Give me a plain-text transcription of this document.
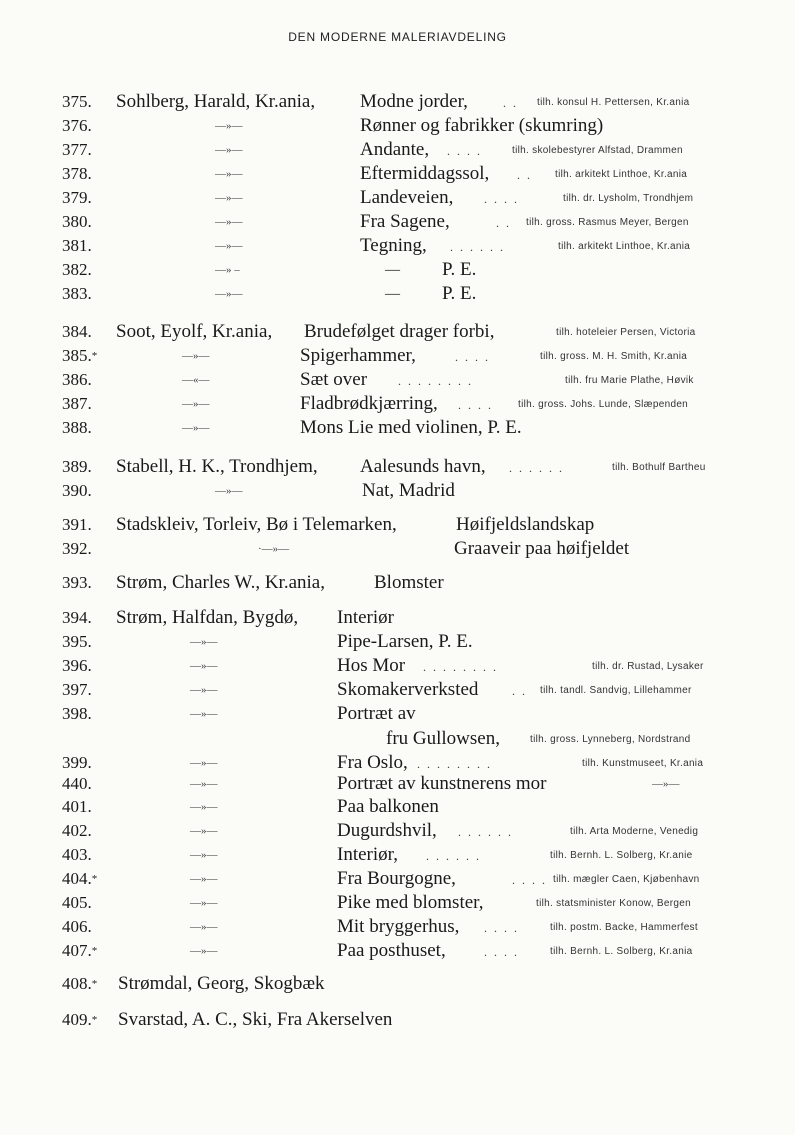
DEN MODERNE MALERIAVDELING
375. Sohlberg, Harald, Kr.ania, Modne jorder,	. . tilh. konsul H. Pettersen, Kr.ania
376.	—»—	Rønner og fabrikker (skumring)
377.	—»—	Andante, . . . .	tilh. skolebestyrer Alfstad, Drammen
378.	—»—	Eftermiddagssol, . . tilh. arkitekt Linthoe, Kr.ania
379.	—»—	Landeveien,	. . . .	tilh. dr. Lysholm, Trondhjem
380.	—»—	Fra Sagene,	. . tilh. gross. Rasmus Meyer, Bergen
381.	—»—	Tegning, . . . . . .	tilh. arkitekt Linthoe, Kr.ania
382.	—» –	— P. E.
383.	—»—	— P. E.
384. Soot, Eyolf, Kr.ania, Brudefølget drager forbi,	tilh. hoteleier Persen, Victoria
385.*	—»—	Spigerhammer,	. . . .	tilh. gross. M. H. Smith, Kr.ania
386.	—«—	Sæt over	. . . . . . . .	tilh. fru Marie Plathe, Høvik
387.	—»—	Fladbrødkjærring, . . . .	tilh. gross. Johs. Lunde, Slæpenden
388.	—»—	Mons Lie med violinen, P. E.
389. Stabell, H. K., Trondhjem, Aalesunds havn, . . . . . .	tilh. Bothulf Bartheu
390.	—»—	Nat, Madrid
391. Stadskleiv, Torleiv, Bø i Telemarken,	Høifjeldslandskap
392.	·—»—	Graaveir paa høifjeldet
393. Strøm, Charles W., Kr.ania,	Blomster
394. Strøm, Halfdan, Bygdø, Interiør
395.	—»—	Pipe-Larsen, P. E.
396.	—»—	Hos Mor . . . . . . . .	tilh. dr. Rustad, Lysaker
397.	—»—	Skomakerverksted	. . tilh. tandl. Sandvig, Lillehammer
398.	—»—	Portræt av
fru Gullowsen,	tilh. gross. Lynneberg, Nordstrand
399.	—»—	Fra Oslo, . . . . . . . .	tilh. Kunstmuseet, Kr.ania
440.	—»—	Portræt av kunstnerens mor	—»—
401.	—»—	Paa balkonen
402.	—»—	Dugurdshvil, . . . . . .	tilh. Arta Moderne, Venedig
403.	—»—	Interiør, . . . . . .	tilh. Bernh. L. Solberg, Kr.anie
404.*	—»—	Fra Bourgogne,	. . . . tilh. mægler Caen, Kjøbenhavn
405.	—»—	Pike med blomster,	tilh. statsminister Konow, Bergen
406.	—»—	Mit bryggerhus, . . . .	tilh. postm. Backe, Hammerfest
407.*	—»—	Paa posthuset,	. . . .	tilh. Bernh. L. Solberg, Kr.ania
408.* Strømdal, Georg, Skogbæk
409.* Svarstad, A. C., Ski, Fra Akerselven
